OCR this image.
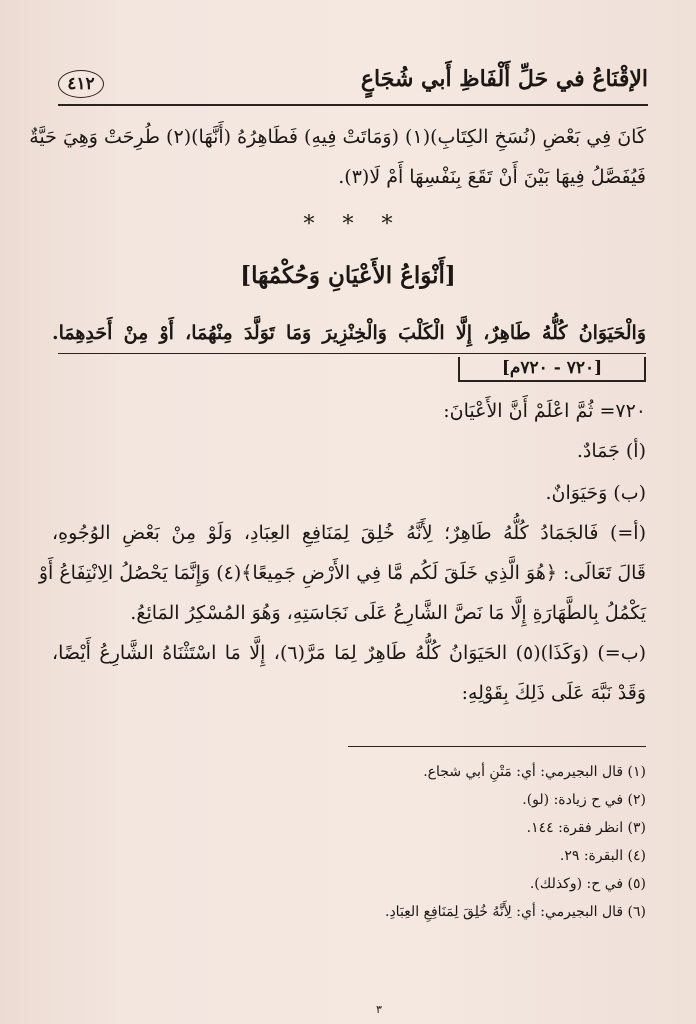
٤١٢	الإقْنَاعُ في حَلِّ أَلْفَاظِ أَبي شُجَاعٍ
كَانَ فِي بَعْضِ (نُسَخِ الكِتَابِ)(١) (وَمَاتَتْ فِيهِ) فَطَاهِرُهُ (أَنَّهَا)(٢) طُرِحَتْ وَهِيَ حَيَّةٌ
فَيُفَصَّلُ فِيهَا بَيْنَ أَنْ تَقَعَ بِنَفْسِهَا أَمْ لَا(٣).
***
[أَنْوَاعُ الأَعْيَانِ وَحُكْمُهَا]
وَالْحَيَوَانُ كُلُّهُ طَاهِرٌ، إِلَّا الْكَلْبَ وَالْخِنْزِيرَ وَمَا تَوَلَّدَ مِنْهُمَا، أَوْ مِنْ أَحَدِهِمَا.
[٧٢٠ - ٧٢٠م]
٧٢٠= ثُمَّ اعْلَمْ أَنَّ الأَعْيَانَ:
(أ) جَمَادٌ.
(ب) وَحَيَوَانٌ.
(أ=) فَالجَمَادُ كُلُّهُ طَاهِرٌ؛ لِأَنَّهُ خُلِقَ لِمَنَافِعِ العِبَادِ، وَلَوْ مِنْ بَعْضِ الوُجُوهِ،
قَالَ تَعَالَى: ﴿هُوَ الَّذِي خَلَقَ لَكُم مَّا فِي الأَرْضِ جَمِيعًا﴾(٤) وَإِنَّمَا يَحْصُلُ الِانْتِفَاعُ أَوْ
يَكْمُلُ بِالطَّهَارَةِ إِلَّا مَا نَصَّ الشَّارِعُ عَلَى نَجَاسَتِهِ، وَهُوَ المُسْكِرُ المَائِعُ.
(ب=) (وَكَذَا)(٥) الحَيَوَانُ كُلُّهُ طَاهِرٌ لِمَا مَرَّ(٦)، إِلَّا مَا اسْتَثْنَاهُ الشَّارِعُ أَيْضًا،
وَقَدْ نَبَّهَ عَلَى ذَلِكَ بِقَوْلِهِ:
(١) قال البجيرمي: أي: مَتْنِ أبي شجاع.
(٢) في ح زيادة: (لو).
(٣) انظر فقرة: ١٤٤.
(٤) البقرة: ٢٩.
(٥) في ح: (وكذلك).
(٦) قال البجيرمي: أي: لِأَنَّهُ خُلِقَ لِمَنَافِعِ العِبَادِ.
٣
